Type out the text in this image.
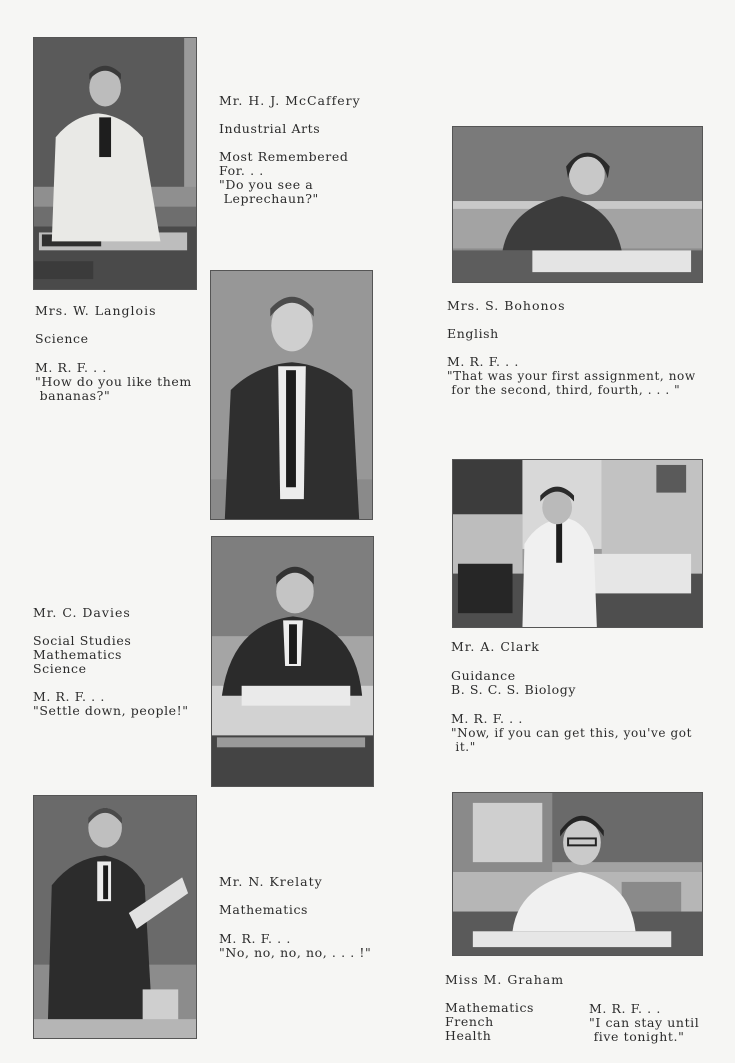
Mr. H. J. McCaffery
Industrial Arts
Most Remembered
For. . .
"Do you see a
Leprechaun?"
Mrs. W. Langlois
Science
M. R. F. . .
"How do you like them
bananas?"
Mrs. S. Bohonos
English
M. R. F. . .
"That was your first assignment, now
for the second, third, fourth, . . . "
Mr. C. Davies
Social Studies
Mathematics
Science
M. R. F. . .
"Settle down, people!"
Mr. A. Clark
Guidance
B. S. C. S. Biology
M. R. F. . .
"Now, if you can get this, you've got
it."
Mr. N. Krelaty
Mathematics
M. R. F. . .
"No, no, no, no, . . . !"
Miss M. Graham
Mathematics
French
Health
M. R. F. . .
"I can stay until
five tonight."
